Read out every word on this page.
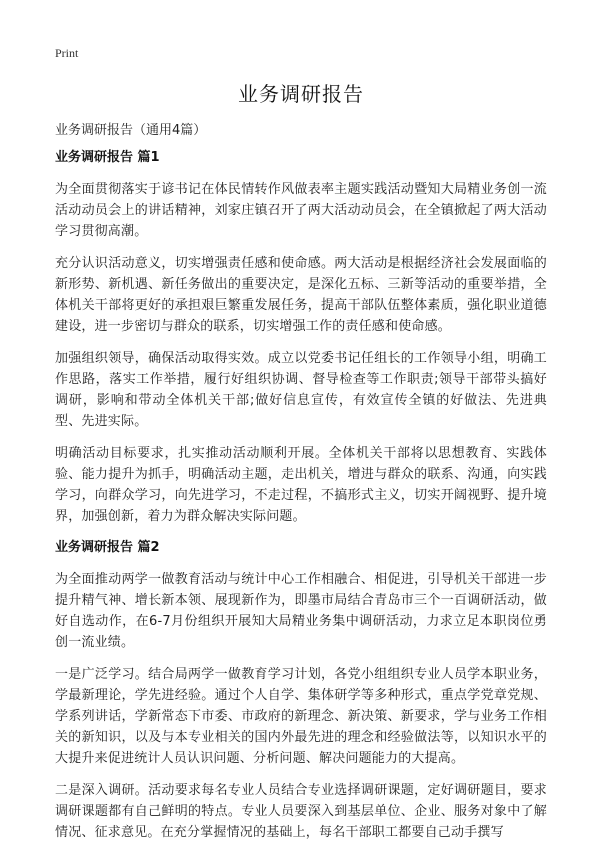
Print
业务调研报告
业务调研报告（通用4篇）
业务调研报告 篇1

为全面贯彻落实于谚书记在体民情转作风做表率主题实践活动暨知大局精业务创一流活动动员会上的讲话精神，刘家庄镇召开了两大活动动员会，在全镇掀起了两大活动学习贯彻高潮。

充分认识活动意义，切实增强责任感和使命感。两大活动是根据经济社会发展面临的新形势、新机遇、新任务做出的重要决定，是深化五标、三新等活动的重要举措，全体机关干部将更好的承担艰巨繁重发展任务，提高干部队伍整体素质，强化职业道德建设，进一步密切与群众的联系，切实增强工作的责任感和使命感。

加强组织领导，确保活动取得实效。成立以党委书记任组长的工作领导小组，明确工作思路，落实工作举措，履行好组织协调、督导检查等工作职责;领导干部带头搞好调研，影响和带动全体机关干部;做好信息宣传，有效宣传全镇的好做法、先进典型、先进实际。

明确活动目标要求，扎实推动活动顺利开展。全体机关干部将以思想教育、实践体验、能力提升为抓手，明确活动主题，走出机关，增进与群众的联系、沟通，向实践学习，向群众学习，向先进学习，不走过程，不搞形式主义，切实开阔视野、提升境界，加强创新，着力为群众解决实际问题。

业务调研报告 篇2

为全面推动两学一做教育活动与统计中心工作相融合、相促进，引导机关干部进一步提升精气神、增长新本领、展现新作为，即墨市局结合青岛市三个一百调研活动，做好自选动作，在6-7月份组织开展知大局精业务集中调研活动，力求立足本职岗位勇创一流业绩。

一是广泛学习。结合局两学一做教育学习计划，各党小组组织专业人员学本职业务，学最新理论，学先进经验。通过个人自学、集体研学等多种形式，重点学党章党规、学系列讲话，学新常态下市委、市政府的新理念、新决策、新要求，学与业务工作相关的新知识，以及与本专业相关的国内外最先进的理念和经验做法等，以知识水平的大提升来促进统计人员认识问题、分析问题、解决问题能力的大提高。

二是深入调研。活动要求每名专业人员结合专业选择调研课题，定好调研题目，要求调研课题都有自己鲜明的特点。专业人员要深入到基层单位、企业、服务对象中了解情况、征求意见。在充分掌握情况的基础上，每名干部职工都要自己动手撰写
